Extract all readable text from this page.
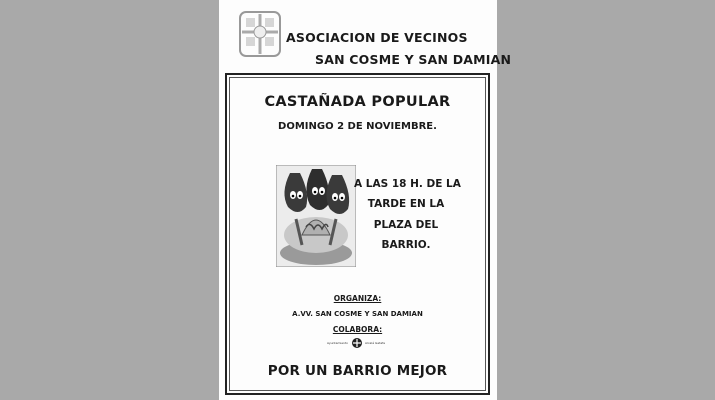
ASOCIACION DE VECINOS
SAN COSME Y SAN DAMIAN
CASTAÑADA POPULAR
DOMINGO 2 DE NOVIEMBRE.
A LAS 18 H. DE LA
TARDE EN LA
PLAZA DEL
BARRIO.
ORGANIZA:
A.VV. SAN COSME Y SAN DAMIAN
COLABORA:
Ayuntamiento	Alcalá Getafe
POR UN BARRIO MEJOR
